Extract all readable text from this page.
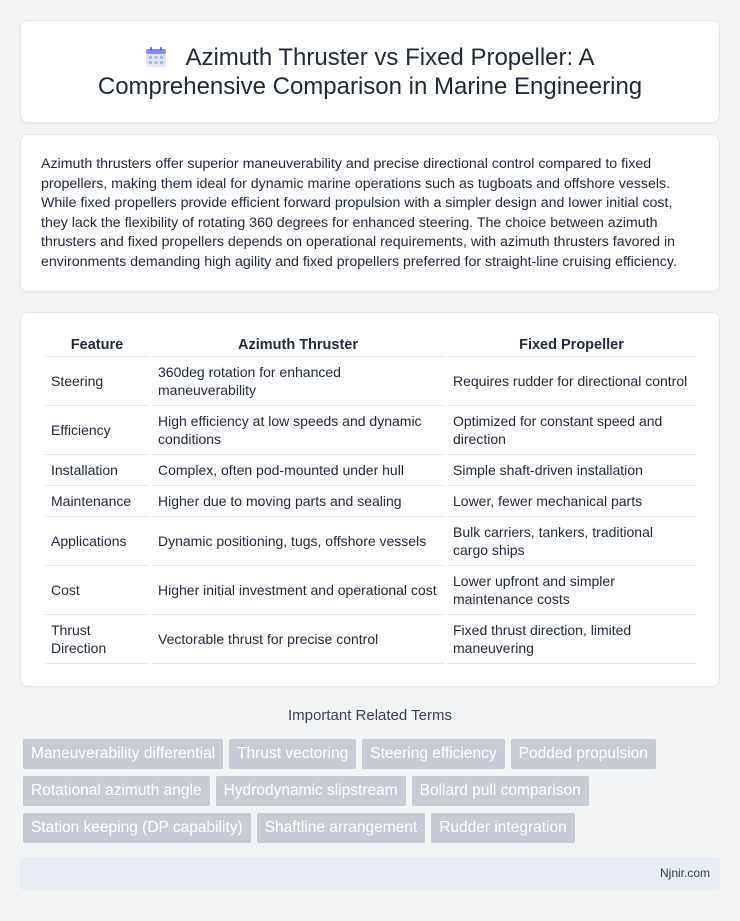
Azimuth Thruster vs Fixed Propeller: A Comprehensive Comparison in Marine Engineering

Azimuth thrusters offer superior maneuverability and precise directional control compared to fixed propellers, making them ideal for dynamic marine operations such as tugboats and offshore vessels. While fixed propellers provide efficient forward propulsion with a simpler design and lower initial cost, they lack the flexibility of rotating 360 degrees for enhanced steering. The choice between azimuth thrusters and fixed propellers depends on operational requirements, with azimuth thrusters favored in environments demanding high agility and fixed propellers preferred for straight-line cruising efficiency.

Feature	Azimuth Thruster	Fixed Propeller
Steering	360deg rotation for enhanced maneuverability	Requires rudder for directional control
Efficiency	High efficiency at low speeds and dynamic conditions	Optimized for constant speed and direction
Installation	Complex, often pod-mounted under hull	Simple shaft-driven installation
Maintenance	Higher due to moving parts and sealing	Lower, fewer mechanical parts
Applications	Dynamic positioning, tugs, offshore vessels	Bulk carriers, tankers, traditional cargo ships
Cost	Higher initial investment and operational cost	Lower upfront and simpler maintenance costs
Thrust Direction	Vectorable thrust for precise control	Fixed thrust direction, limited maneuvering
Important Related Terms
Maneuverability differential	Thrust vectoring	Steering efficiency	Podded propulsion
Rotational azimuth angle	Hydrodynamic slipstream	Bollard pull comparison
Station keeping (DP capability)	Shaftline arrangement	Rudder integration
Njnir.com
